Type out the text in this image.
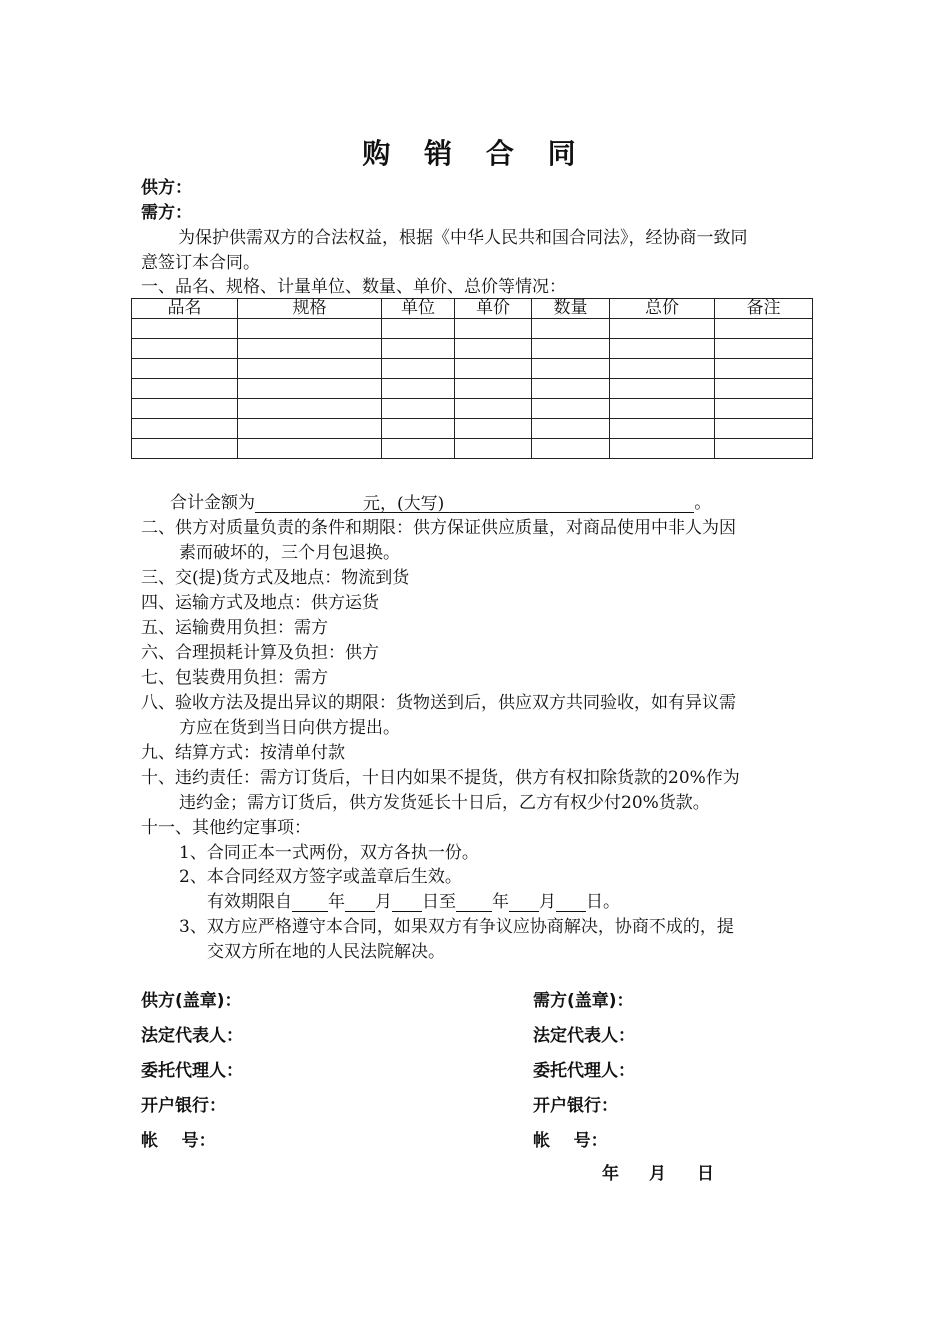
购 销 合 同
供方：
需方：
为保护供需双方的合法权益，根据《中华人民共和国合同法》，经协商一致同
意签订本合同。
一、品名、规格、计量单位、数量、单价、总价等情况：
品名	规格	单位	单价	数量	总价	备注

合计金额为	元，(大写)	。
二、供方对质量负责的条件和期限：供方保证供应质量，对商品使用中非人为因
素而破坏的，三个月包退换。
三、交(提)货方式及地点：物流到货
四、运输方式及地点：供方运货
五、运输费用负担：需方
六、合理损耗计算及负担：供方
七、包装费用负担：需方
八、验收方法及提出异议的期限：货物送到后，供应双方共同验收，如有异议需
方应在货到当日向供方提出。
九、结算方式：按清单付款
十、违约责任：需方订货后，十日内如果不提货，供方有权扣除货款的20%作为
违约金；需方订货后，供方发货延长十日后，乙方有权少付20%货款。
十一、其他约定事项：
1、合同正本一式两份，双方各执一份。
2、本合同经双方签字或盖章后生效。
有效期限自 年 月 日至 年 月 日。
3、双方应严格遵守本合同，如果双方有争议应协商解决，协商不成的，提
交双方所在地的人民法院解决。
供方(盖章)：
法定代表人：
委托代理人：
开户银行：
帐    号：
需方(盖章)：
法定代表人：
委托代理人：
开户银行：
帐    号：
年 月 日
